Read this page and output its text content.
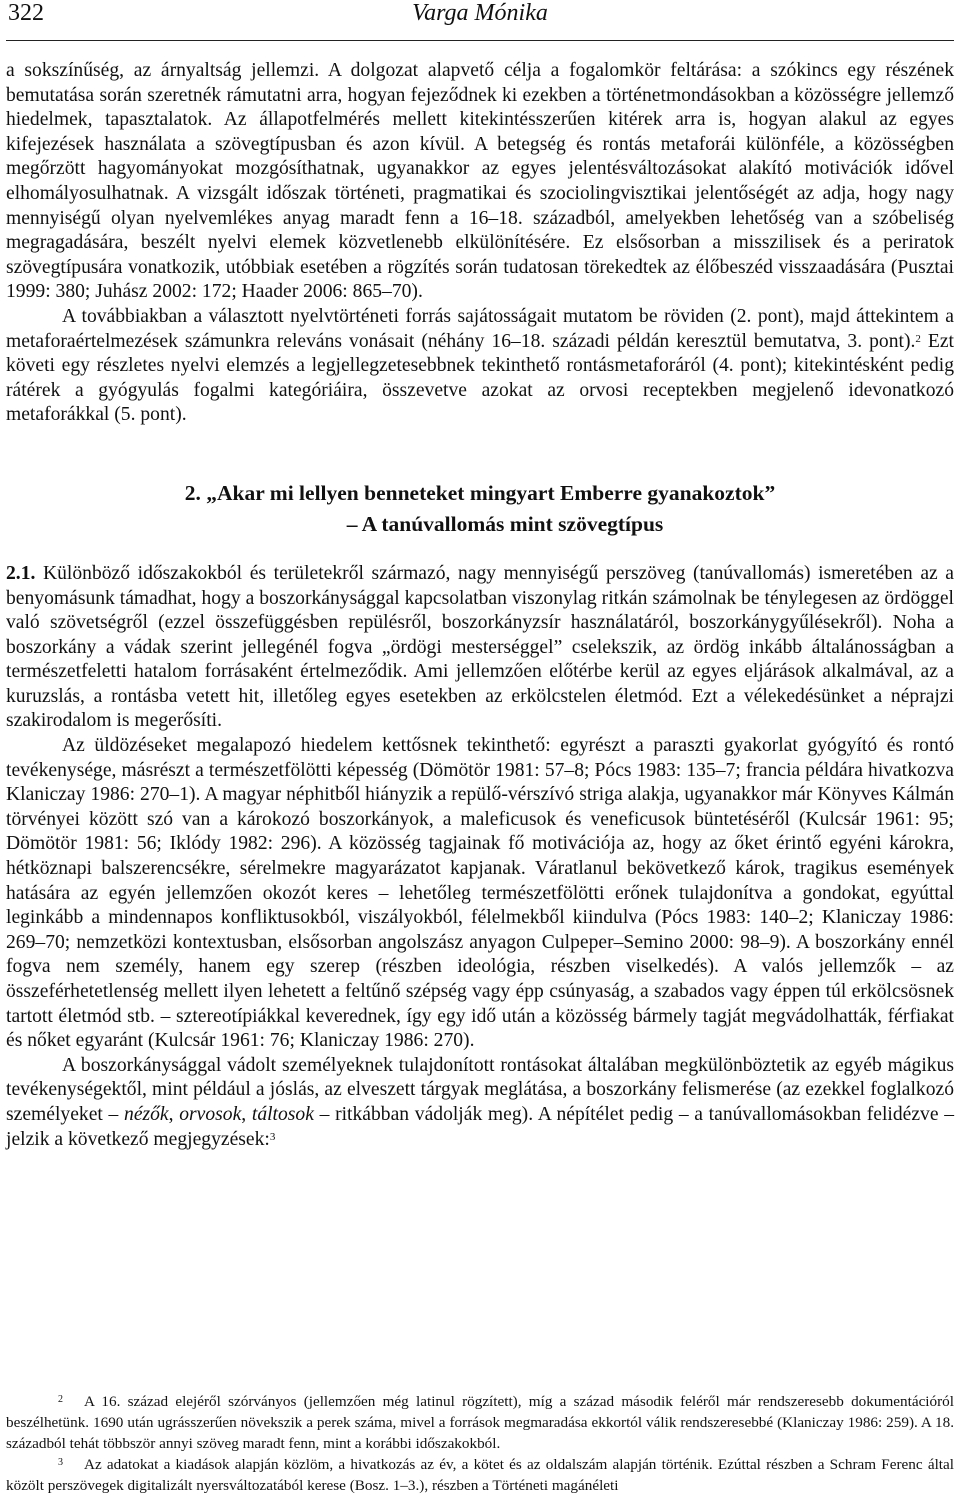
322	Varga Mónika

a sokszínűség, az árnyaltság jellemzi. A dolgozat alapvető célja a fogalomkör feltárása: a szókincs egy részének bemutatása során szeretnék rámutatni arra, hogyan fejeződnek ki ezekben a történetmondásokban a közösségre jellemző hiedelmek, tapasztalatok. Az állapotfelmérés mellett kitekintésszerűen kitérek arra is, hogyan alakul az egyes kifejezések használata a szövegtípusban és azon kívül. A betegség és rontás metaforái különféle, a közösségben megőrzött hagyományokat mozgósíthatnak, ugyanakkor az egyes jelentésváltozásokat alakító motivációk idővel elhomályosulhatnak. A vizsgált időszak történeti, pragmatikai és szociolingvisztikai jelentőségét az adja, hogy nagy mennyiségű olyan nyelvemlékes anyag maradt fenn a 16–18. századból, amelyekben lehetőség van a szóbeliség megragadására, beszélt nyelvi elemek közvetlenebb elkülönítésére. Ez elsősorban a misszilisek és a periratok szövegtípusára vonatkozik, utóbbiak esetében a rögzítés során tudatosan törekedtek az élőbeszéd visszaadására (Pusztai 1999: 380; Juhász 2002: 172; Haader 2006: 865–70).

A továbbiakban a választott nyelvtörténeti forrás sajátosságait mutatom be röviden (2. pont), majd áttekintem a metaforaértelmezések számunkra releváns vonásait (néhány 16–18. századi példán keresztül bemutatva, 3. pont).$^2$ Ezt követi egy részletes nyelvi elemzés a legjellegzetesebbnek tekinthető rontásmetaforáról (4. pont); kitekintésként pedig rátérek a gyógyulás fogalmi kategóriáira, összevetve azokat az orvosi receptekben megjelenő idevonatkozó metaforákkal (5. pont).

2. „Akar mi lellyen benneteket mingyart Emberre gyanakoztok”
– A tanúvallomás mint szövegtípus

2.1. Különböző időszakokból és területekről származó, nagy mennyiségű perszöveg (tanúvallomás) ismeretében az a benyomásunk támadhat, hogy a boszorkánysággal kapcsolatban viszonylag ritkán számolnak be ténylegesen az ördöggel való szövetségről (ezzel összefüggésben repülésről, boszorkányzsír használatáról, boszorkánygyűlésekről). Noha a boszorkány a vádak szerint jellegénél fogva „ördögi mesterséggel” cselekszik, az ördög inkább általánosságban a természetfeletti hatalom forrásaként értelmeződik. Ami jellemzően előtérbe kerül az egyes eljárások alkalmával, az a kuruzslás, a rontásba vetett hit, illetőleg egyes esetekben az erkölcstelen életmód. Ezt a vélekedésünket a néprajzi szakirodalom is megerősíti.

Az üldözéseket megalapozó hiedelem kettősnek tekinthető: egyrészt a paraszti gyakorlat gyógyító és rontó tevékenysége, másrészt a természetfölötti képesség (Dömötör 1981: 57–8; Pócs 1983: 135–7; francia példára hivatkozva Klaniczay 1986: 270–1). A magyar néphitből hiányzik a repülő-vérszívó striga alakja, ugyanakkor már Könyves Kálmán törvényei között szó van a károkozó boszorkányok, a maleficusok és veneficusok büntetéséről (Kulcsár 1961: 95; Dömötör 1981: 56; Iklódy 1982: 296). A közösség tagjainak fő motivációja az, hogy az őket érintő egyéni károkra, hétköznapi balszerencsékre, sérelmekre magyarázatot kapjanak. Váratlanul bekövetkező károk, tragikus események hatására az egyén jellemzően okozót keres – lehetőleg természetfölötti erőnek tulajdonítva a gondokat, egyúttal leginkább a mindennapos konfliktusokból, viszályokból, félelmekből kiindulva (Pócs 1983: 140–2; Klaniczay 1986: 269–70; nemzetközi kontextusban, elsősorban angolszász anyagon Culpeper–Semino 2000: 98–9). A boszorkány ennél fogva nem személy, hanem egy szerep (részben ideológia, részben viselkedés). A valós jellemzők – az összeférhetetlenség mellett ilyen lehetett a feltűnő szépség vagy épp csúnyaság, a szabados vagy éppen túl erkölcsösnek tartott életmód stb. – sztereotípiákkal keverednek, így egy idő után a közösség bármely tagját megvádolhatták, férfiakat és nőket egyaránt (Kulcsár 1961: 76; Klaniczay 1986: 270).

A boszorkánysággal vádolt személyeknek tulajdonított rontásokat általában megkülönböztetik az egyéb mágikus tevékenységektől, mint például a jóslás, az elveszett tárgyak meglátása, a boszorkány felismerése (az ezekkel foglalkozó személyeket – nézők, orvosok, táltosok – ritkábban vádolják meg). A népítélet pedig – a tanúvallomásokban felidézve – jelzik a következő megjegyzések:$^3$

2 A 16. század elejéről szórványos (jellemzően még latinul rögzített), míg a század második feléről már rendszeresebb dokumentációról beszélhetünk. 1690 után ugrásszerűen növekszik a perek száma, mivel a források megmaradása ekkortól válik rendszeresebbé (Klaniczay 1986: 259). A 18. századból tehát többször annyi szöveg maradt fenn, mint a korábbi időszakokból.

3 Az adatokat a kiadások alapján közlöm, a hivatkozás az év, a kötet és az oldalszám alapján történik. Ezúttal részben a Schram Ferenc által közölt perszövegek digitalizált nyersváltozatából kerese (Bosz. 1–3.), részben a Történeti magánéleti
